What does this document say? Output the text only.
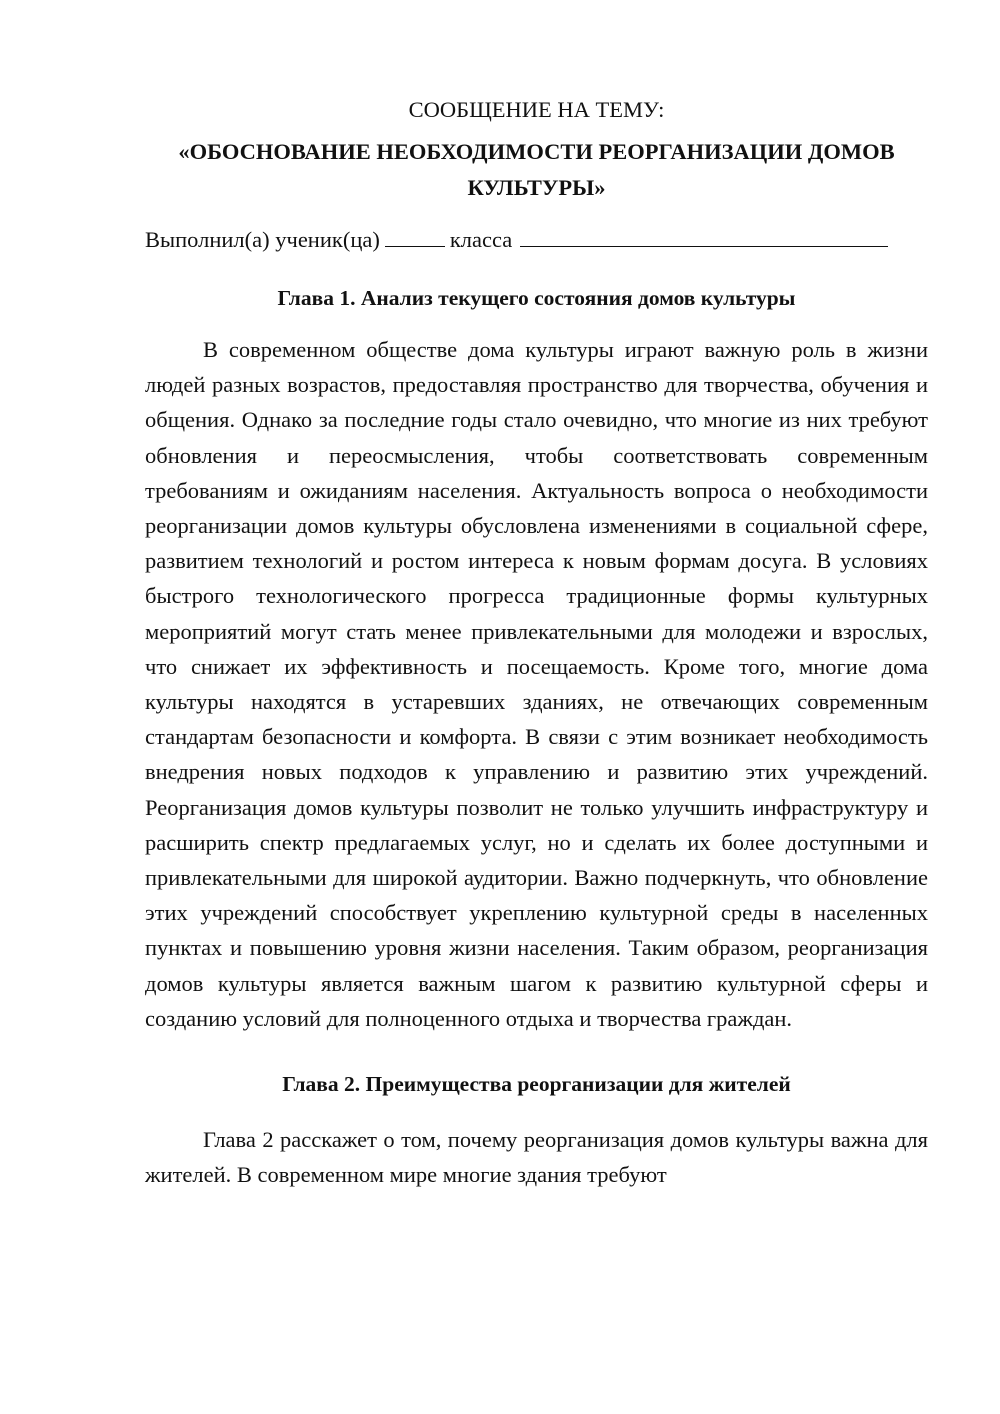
СООБЩЕНИЕ НА ТЕМУ:

«ОБОСНОВАНИЕ НЕОБХОДИМОСТИ РЕОРГАНИЗАЦИИ ДОМОВ КУЛЬТУРЫ»

Выполнил(а) ученик(ца)	класса

Глава 1. Анализ текущего состояния домов культуры

В современном обществе дома культуры играют важную роль в жизни людей разных возрастов, предоставляя пространство для творчества, обучения и общения. Однако за последние годы стало очевидно, что многие из них требуют обновления и переосмысления, чтобы соответствовать современным требованиям и ожиданиям населения. Актуальность вопроса о необходимости реорганизации домов культуры обусловлена изменениями в социальной сфере, развитием технологий и ростом интереса к новым формам досуга. В условиях быстрого технологического прогресса традиционные формы культурных мероприятий могут стать менее привлекательными для молодежи и взрослых, что снижает их эффективность и посещаемость. Кроме того, многие дома культуры находятся в устаревших зданиях, не отвечающих современным стандартам безопасности и комфорта. В связи с этим возникает необходимость внедрения новых подходов к управлению и развитию этих учреждений. Реорганизация домов культуры позволит не только улучшить инфраструктуру и расширить спектр предлагаемых услуг, но и сделать их более доступными и привлекательными для широкой аудитории. Важно подчеркнуть, что обновление этих учреждений способствует укреплению культурной среды в населенных пунктах и повышению уровня жизни населения. Таким образом, реорганизация домов культуры является важным шагом к развитию культурной сферы и созданию условий для полноценного отдыха и творчества граждан.

Глава 2. Преимущества реорганизации для жителей

Глава 2 расскажет о том, почему реорганизация домов культуры важна для жителей. В современном мире многие здания требуют
